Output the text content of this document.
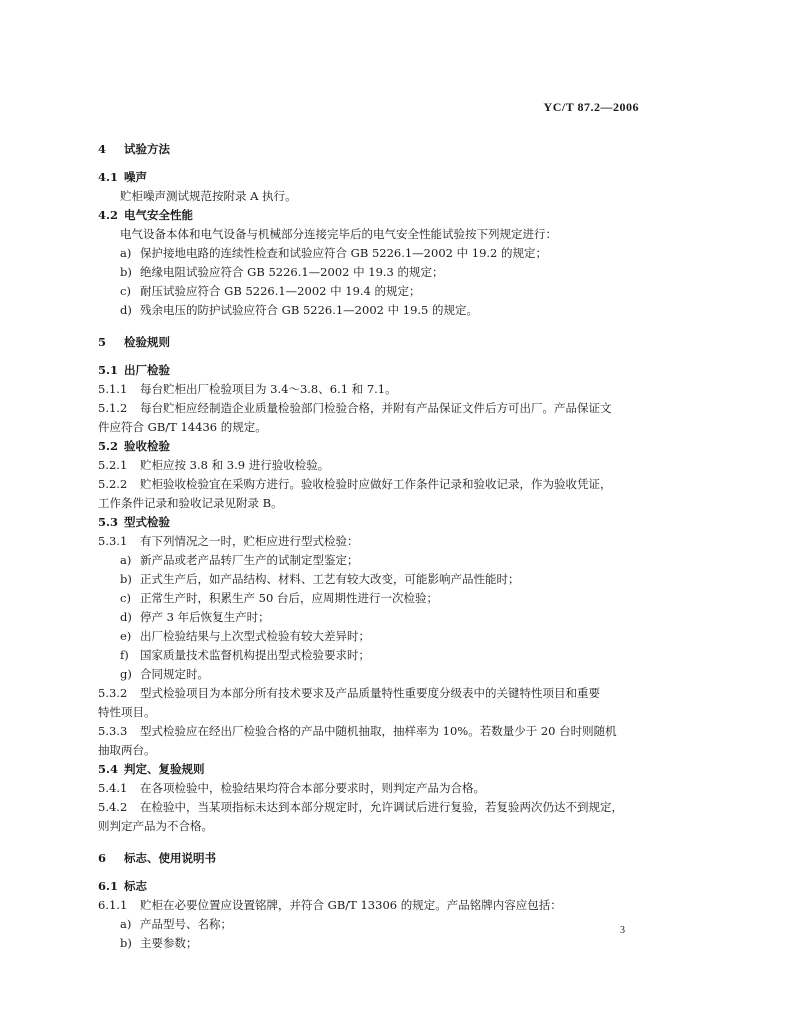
YC/T 87.2—2006
4 试验方法
4.1 噪声
贮柜噪声测试规范按附录 A 执行。
4.2 电气安全性能
电气设备本体和电气设备与机械部分连接完毕后的电气安全性能试验按下列规定进行：
a) 保护接地电路的连续性检查和试验应符合 GB 5226.1—2002 中 19.2 的规定；
b) 绝缘电阻试验应符合 GB 5226.1—2002 中 19.3 的规定；
c) 耐压试验应符合 GB 5226.1—2002 中 19.4 的规定；
d) 残余电压的防护试验应符合 GB 5226.1—2002 中 19.5 的规定。
5 检验规则
5.1 出厂检验
5.1.1 每台贮柜出厂检验项目为 3.4～3.8、6.1 和 7.1。
5.1.2 每台贮柜应经制造企业质量检验部门检验合格，并附有产品保证文件后方可出厂。产品保证文
件应符合 GB/T 14436 的规定。
5.2 验收检验
5.2.1 贮柜应按 3.8 和 3.9 进行验收检验。
5.2.2 贮柜验收检验宜在采购方进行。验收检验时应做好工作条件记录和验收记录，作为验收凭证，
工作条件记录和验收记录见附录 B。
5.3 型式检验
5.3.1 有下列情况之一时，贮柜应进行型式检验：
a) 新产品或老产品转厂生产的试制定型鉴定；
b) 正式生产后，如产品结构、材料、工艺有较大改变，可能影响产品性能时；
c) 正常生产时，积累生产 50 台后，应周期性进行一次检验；
d) 停产 3 年后恢复生产时；
e) 出厂检验结果与上次型式检验有较大差异时；
f) 国家质量技术监督机构提出型式检验要求时；
g) 合同规定时。
5.3.2 型式检验项目为本部分所有技术要求及产品质量特性重要度分级表中的关键特性项目和重要
特性项目。
5.3.3 型式检验应在经出厂检验合格的产品中随机抽取，抽样率为 10%。若数量少于 20 台时则随机
抽取两台。
5.4 判定、复验规则
5.4.1 在各项检验中，检验结果均符合本部分要求时，则判定产品为合格。
5.4.2 在检验中，当某项指标未达到本部分规定时，允许调试后进行复验，若复验两次仍达不到规定，
则判定产品为不合格。
6 标志、使用说明书
6.1 标志
6.1.1 贮柜在必要位置应设置铭牌，并符合 GB/T 13306 的规定。产品铭牌内容应包括：
a) 产品型号、名称；
b) 主要参数；
3
